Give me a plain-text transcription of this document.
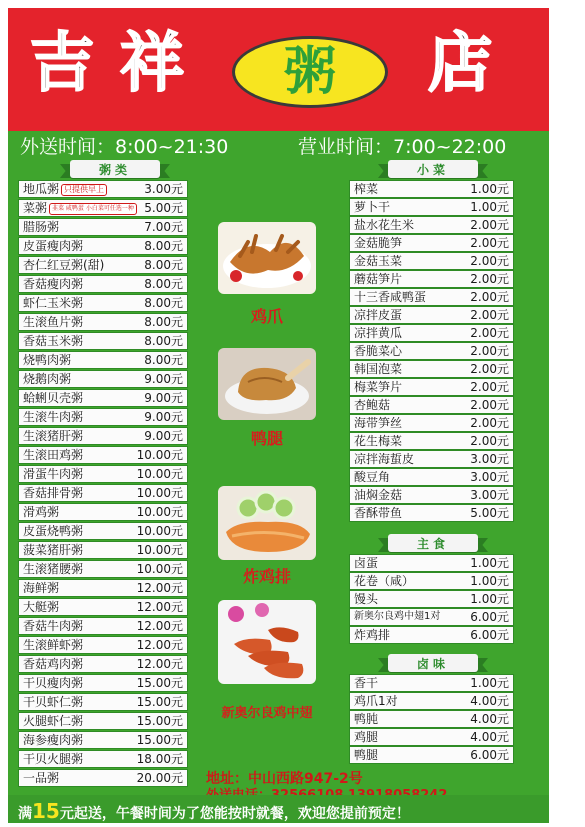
吉 祥	粥	店
外送时间：8:00~21:30	营业时间：7:00~22:00
粥类	小菜
主食
卤味
地瓜粥 只提供早上	3.00元
菜粥 韭菜 咸鸭蛋 小白菜可任选一种 5.00元
腊肠粥	7.00元
皮蛋瘦肉粥	8.00元
杏仁红豆粥(甜)	8.00元
香菇瘦肉粥	8.00元
虾仁玉米粥	8.00元
生滚鱼片粥	8.00元
香菇玉米粥	8.00元
烧鸭肉粥	8.00元
烧鹅肉粥	9.00元
蛤蜊贝壳粥	9.00元
生滚牛肉粥	9.00元
生滚猪肝粥	9.00元
生滚田鸡粥	10.00元
滑蛋牛肉粥	10.00元
香菇排骨粥	10.00元
滑鸡粥	10.00元
皮蛋烧鸭粥	10.00元
菠菜猪肝粥	10.00元
生滚猪腰粥	10.00元
海鲜粥	12.00元
大艇粥	12.00元
香菇牛肉粥	12.00元
生滚鲜虾粥	12.00元
香菇鸡肉粥	12.00元
干贝瘦肉粥	15.00元
干贝虾仁粥	15.00元
火腿虾仁粥	15.00元
海参瘦肉粥	15.00元
干贝火腿粥	18.00元
一品粥	20.00元
鸡爪
鸭腿
炸鸡排
新奥尔良鸡中翅
榨菜	1.00元
萝卜干	1.00元
盐水花生米	2.00元
金菇脆笋	2.00元
金菇玉菜	2.00元
蘑菇笋片	2.00元
十三香咸鸭蛋	2.00元
凉拌皮蛋	2.00元
凉拌黄瓜	2.00元
香脆菜心	2.00元
韩国泡菜	2.00元
梅菜笋片	2.00元
杏鲍菇	2.00元
海带笋丝	2.00元
花生梅菜	2.00元
凉拌海蜇皮	3.00元
酸豆角	3.00元
油焖金菇	3.00元
香酥带鱼	5.00元
卤蛋	1.00元
花卷（咸）	1.00元
馒头	1.00元
新奥尔良鸡中翅1对 6.00元
炸鸡排	6.00元
香干	1.00元
鸡爪1对	4.00元
鸭肫	4.00元
鸡腿	4.00元
鸭腿	6.00元
地址：中山西路947-2号
满15元起送，午餐时间为了您能按时就餐，欢迎您提前预定！
